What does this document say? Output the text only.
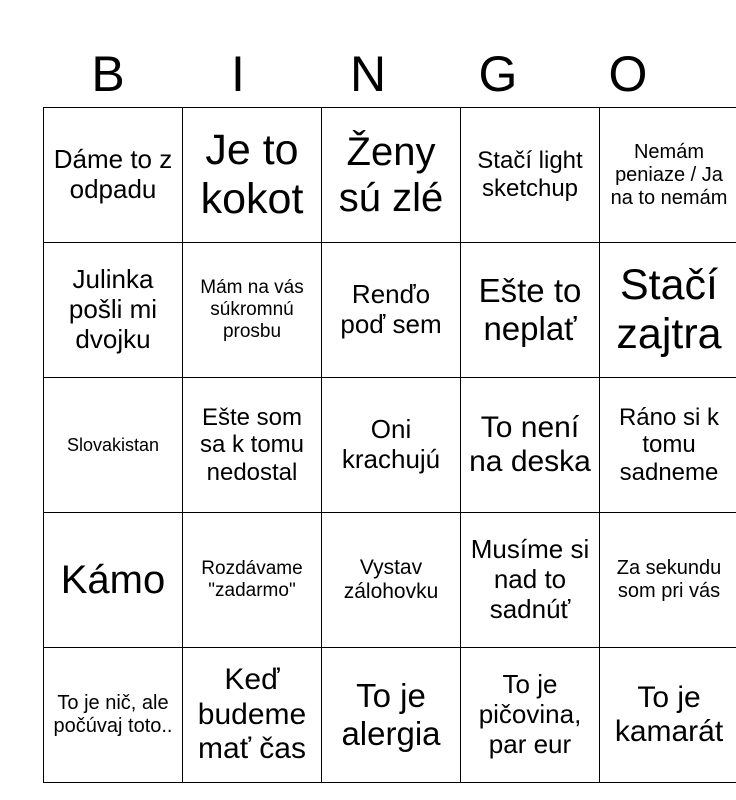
B	I	N	G	O
Dáme to z odpadu	Je to kokot	Ženy sú zlé	Stačí light sketchup	Nemám peniaze / Ja na to nemám
Julinka pošli mi dvojku	Mám na vás súkromnú prosbu	Renďo poď sem	Ešte to neplať	Stačí zajtra
Slovakistan	Ešte som sa k tomu nedostal	Oni krachujú	To není na deska	Ráno si k tomu sadneme
Kámo	Rozdávame "zadarmo"	Vystav zálohovku	Musíme si nad to sadnúť	Za sekundu som pri vás
To je nič, ale počúvaj toto..	Keď budeme mať čas	To je alergia	To je pičovina, par eur	To je kamarát
